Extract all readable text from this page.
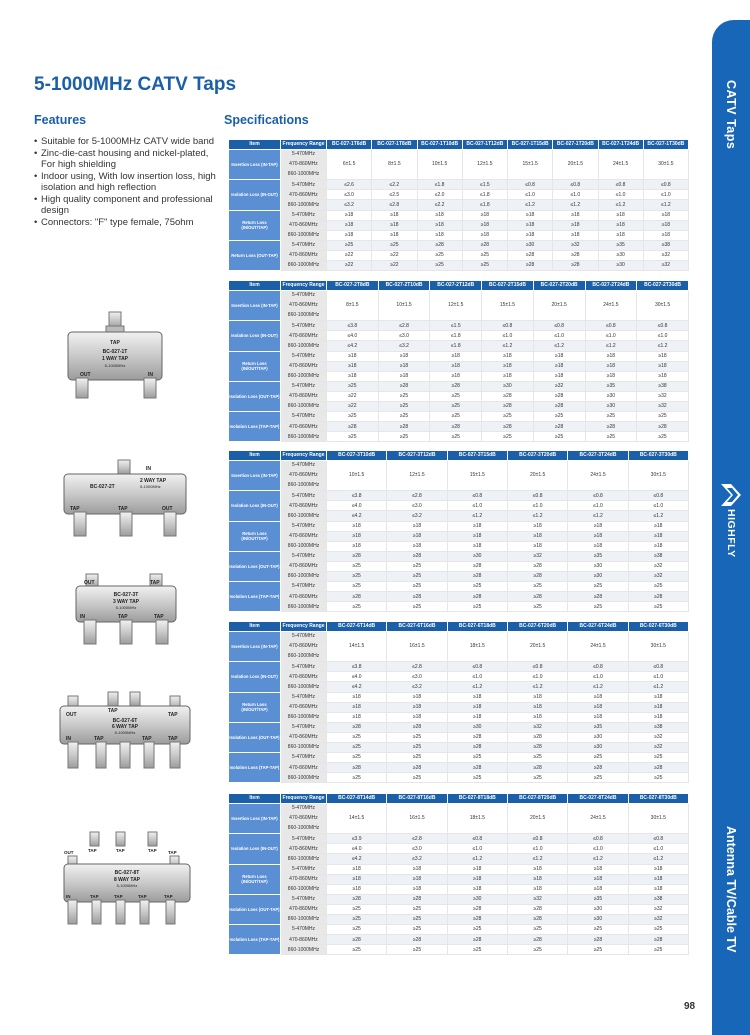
5-1000MHz CATV Taps
Features	Specifications
• Suitable for 5-1000MHz CATV wide band
• Zinc-die-cast housing and nickel-plated, For high shielding
• Indoor using, With low insertion loss, high isolation and high reflection
• High quality component and professional design
• Connectors: "F" type female, 75ohm
TAP
BC-027-1T
1 WAY TAP
5-1000MHz
OUT	IN
IN
2 WAY TAP
5-1000MHz
BC-027-2T
TAP	TAP	OUT
OUT	TAP
BC-027-3T
3 WAY TAP
5-1000MHz
IN	TAP	TAP
OUT
TAP
TAP
BC-027-6T
6 WAY TAP
5-1000MHz
IN	TAP	TAP	TAP
TAP	TAP	TAP
OUT	TAP
BC-027-8T
8 WAY TAP
5-1000MHz
IN	TAP	TAP	TAP	TAP
Item	Frequency Range	BC-027-1T6dB	BC-027-1T8dB	BC-027-1T10dB	BC-027-1T12dB	BC-027-1T15dB	BC-027-1T20dB	BC-027-1T24dB	BC-027-1T30dB
Insertion Loss (IN-TAP)	5-470MHz	6±1.5	8±1.5	10±1.5	12±1.5	15±1.5	20±1.5	24±1.5	30±1.5
	470-860MHz								
	860-1000MHz								
Isolation Loss (IN-OUT)	5-470MHz	≤2.6	≤2.2	≤1.8	≤1.5	≤0.8	≤0.8	≤0.8	≤0.8
	470-860MHz	≤3.0	≤2.5	≤2.0	≤1.8	≤1.0	≤1.0	≤1.0	≤1.0
	860-1000MHz	≤3.2	≤2.8	≤2.2	≤1.8	≤1.2	≤1.2	≤1.2	≤1.2
Return Loss (IN/OUT/TAP)	5-470MHz	≥18	≥18	≥18	≥18	≥18	≥18	≥18	≥18
	470-860MHz	≥18	≥18	≥18	≥18	≥18	≥18	≥18	≥18
	860-1000MHz	≥18	≥18	≥18	≥18	≥18	≥18	≥18	≥18
Return Loss (OUT-TAP)	5-470MHz	≥25	≥25	≥28	≥28	≥30	≥32	≥35	≥38
	470-860MHz	≥22	≥22	≥25	≥25	≥28	≥28	≥30	≥32
	860-1000MHz	≥22	≥22	≥25	≥25	≥28	≥28	≥30	≥32
Item	Frequency Range	BC-027-2T8dB	BC-027-2T10dB	BC-027-2T12dB	BC-027-2T15dB	BC-027-2T20dB	BC-027-2T24dB	BC-027-2T30dB
Insertion Loss (IN-TAP)	5-470MHz	8±1.5	10±1.5	12±1.5	15±1.5	20±1.5	24±1.5	30±1.5
	470-860MHz							
	860-1000MHz							
Isolation Loss (IN-OUT)	5-470MHz	≤3.8	≤2.8	≤1.5	≤0.8	≤0.8	≤0.8	≤0.8
	470-860MHz	≤4.0	≤3.0	≤1.8	≤1.0	≤1.0	≤1.0	≤1.0
	860-1000MHz	≤4.2	≤3.2	≤1.8	≤1.2	≤1.2	≤1.2	≤1.2
Return Loss (IN/OUT/TAP)	5-470MHz	≥18	≥18	≥18	≥18	≥18	≥18	≥18
	470-860MHz	≥18	≥18	≥18	≥18	≥18	≥18	≥18
	860-1000MHz	≥18	≥18	≥18	≥18	≥18	≥18	≥18
Isolation Loss (OUT-TAP)	5-470MHz	≥25	≥28	≥28	≥30	≥32	≥35	≥38
	470-860MHz	≥22	≥25	≥25	≥28	≥28	≥30	≥32
	860-1000MHz	≥22	≥25	≥25	≥28	≥28	≥30	≥32
Isolation Loss (TAP-TAP)	5-470MHz	≥25	≥25	≥25	≥25	≥25	≥25	≥25
	470-860MHz	≥28	≥28	≥28	≥28	≥28	≥28	≥28
	860-1000MHz	≥25	≥25	≥25	≥25	≥25	≥25	≥25
Item	Frequency Range	BC-027-3T10dB	BC-027-3T12dB	BC-027-3T15dB	BC-027-3T20dB	BC-027-3T24dB	BC-027-3T30dB
Insertion Loss (IN-TAP)	5-470MHz	10±1.5	12±1.5	15±1.5	20±1.5	24±1.5	30±1.5
	470-860MHz						
	860-1000MHz						
Isolation Loss (IN-OUT)	5-470MHz	≤3.8	≤2.8	≤0.8	≤0.8	≤0.8	≤0.8
	470-860MHz	≤4.0	≤3.0	≤1.0	≤1.0	≤1.0	≤1.0
	860-1000MHz	≤4.2	≤3.2	≤1.2	≤1.2	≤1.2	≤1.2
Return Loss (IN/OUT/TAP)	5-470MHz	≥18	≥18	≥18	≥18	≥18	≥18
	470-860MHz	≥18	≥18	≥18	≥18	≥18	≥18
	860-1000MHz	≥18	≥18	≥18	≥18	≥18	≥18
Isolation Loss (OUT-TAP)	5-470MHz	≥28	≥28	≥30	≥32	≥35	≥38
	470-860MHz	≥25	≥25	≥28	≥28	≥30	≥32
	860-1000MHz	≥25	≥25	≥28	≥28	≥30	≥32
Isolation Loss (TAP-TAP)	5-470MHz	≥25	≥25	≥25	≥25	≥25	≥25
	470-860MHz	≥28	≥28	≥28	≥28	≥28	≥28
	860-1000MHz	≥25	≥25	≥25	≥25	≥25	≥25
Item	Frequency Range	BC-027-6T14dB	BC-027-6T16dB	BC-027-6T18dB	BC-027-6T20dB	BC-027-6T24dB	BC-027-6T30dB
Insertion Loss (IN-TAP)	5-470MHz	14±1.5	16±1.5	18±1.5	20±1.5	24±1.5	30±1.5
	470-860MHz						
	860-1000MHz						
Isolation Loss (IN-OUT)	5-470MHz	≤3.8	≤2.8	≤0.8	≤0.8	≤0.8	≤0.8
	470-860MHz	≤4.0	≤3.0	≤1.0	≤1.0	≤1.0	≤1.0
	860-1000MHz	≤4.2	≤3.2	≤1.2	≤1.2	≤1.2	≤1.2
Return Loss (IN/OUT/TAP)	5-470MHz	≥18	≥18	≥18	≥18	≥18	≥18
	470-860MHz	≥18	≥18	≥18	≥18	≥18	≥18
	860-1000MHz	≥18	≥18	≥18	≥18	≥18	≥18
Isolation Loss (OUT-TAP)	5-470MHz	≥28	≥28	≥30	≥32	≥35	≥38
	470-860MHz	≥25	≥25	≥28	≥28	≥30	≥32
	860-1000MHz	≥25	≥25	≥28	≥28	≥30	≥32
Isolation Loss (TAP-TAP)	5-470MHz	≥25	≥25	≥25	≥25	≥25	≥25
	470-860MHz	≥28	≥28	≥28	≥28	≥28	≥28
	860-1000MHz	≥25	≥25	≥25	≥25	≥25	≥25
Item	Frequency Range	BC-027-8T14dB	BC-027-8T16dB	BC-027-8T18dB	BC-027-8T20dB	BC-027-8T24dB	BC-027-8T30dB
Insertion Loss (IN-TAP)	5-470MHz	14±1.5	16±1.5	18±1.5	20±1.5	24±1.5	30±1.5
	470-860MHz						
	860-1000MHz						
Isolation Loss (IN-OUT)	5-470MHz	≤3.9	≤2.8	≤0.8	≤0.8	≤0.8	≤0.8
	470-860MHz	≤4.0	≤3.0	≤1.0	≤1.0	≤1.0	≤1.0
	860-1000MHz	≤4.2	≤3.2	≤1.2	≤1.2	≤1.2	≤1.2
Return Loss (IN/OUT/TAP)	5-470MHz	≥18	≥18	≥18	≥18	≥18	≥18
	470-860MHz	≥18	≥18	≥18	≥18	≥18	≥18
	860-1000MHz	≥18	≥18	≥18	≥18	≥18	≥18
Isolation Loss (OUT-TAP)	5-470MHz	≥28	≥28	≥30	≥32	≥35	≥38
	470-860MHz	≥25	≥25	≥28	≥28	≥30	≥32
	860-1000MHz	≥25	≥25	≥28	≥28	≥30	≥32
Isolation Loss (TAP-TAP)	5-470MHz	≥25	≥25	≥25	≥25	≥25	≥25
	470-860MHz	≥28	≥28	≥28	≥28	≥28	≥28
	860-1000MHz	≥25	≥25	≥25	≥25	≥25	≥25
CATV Taps
HIGHFLY
Antenna TV/Cable TV
98
